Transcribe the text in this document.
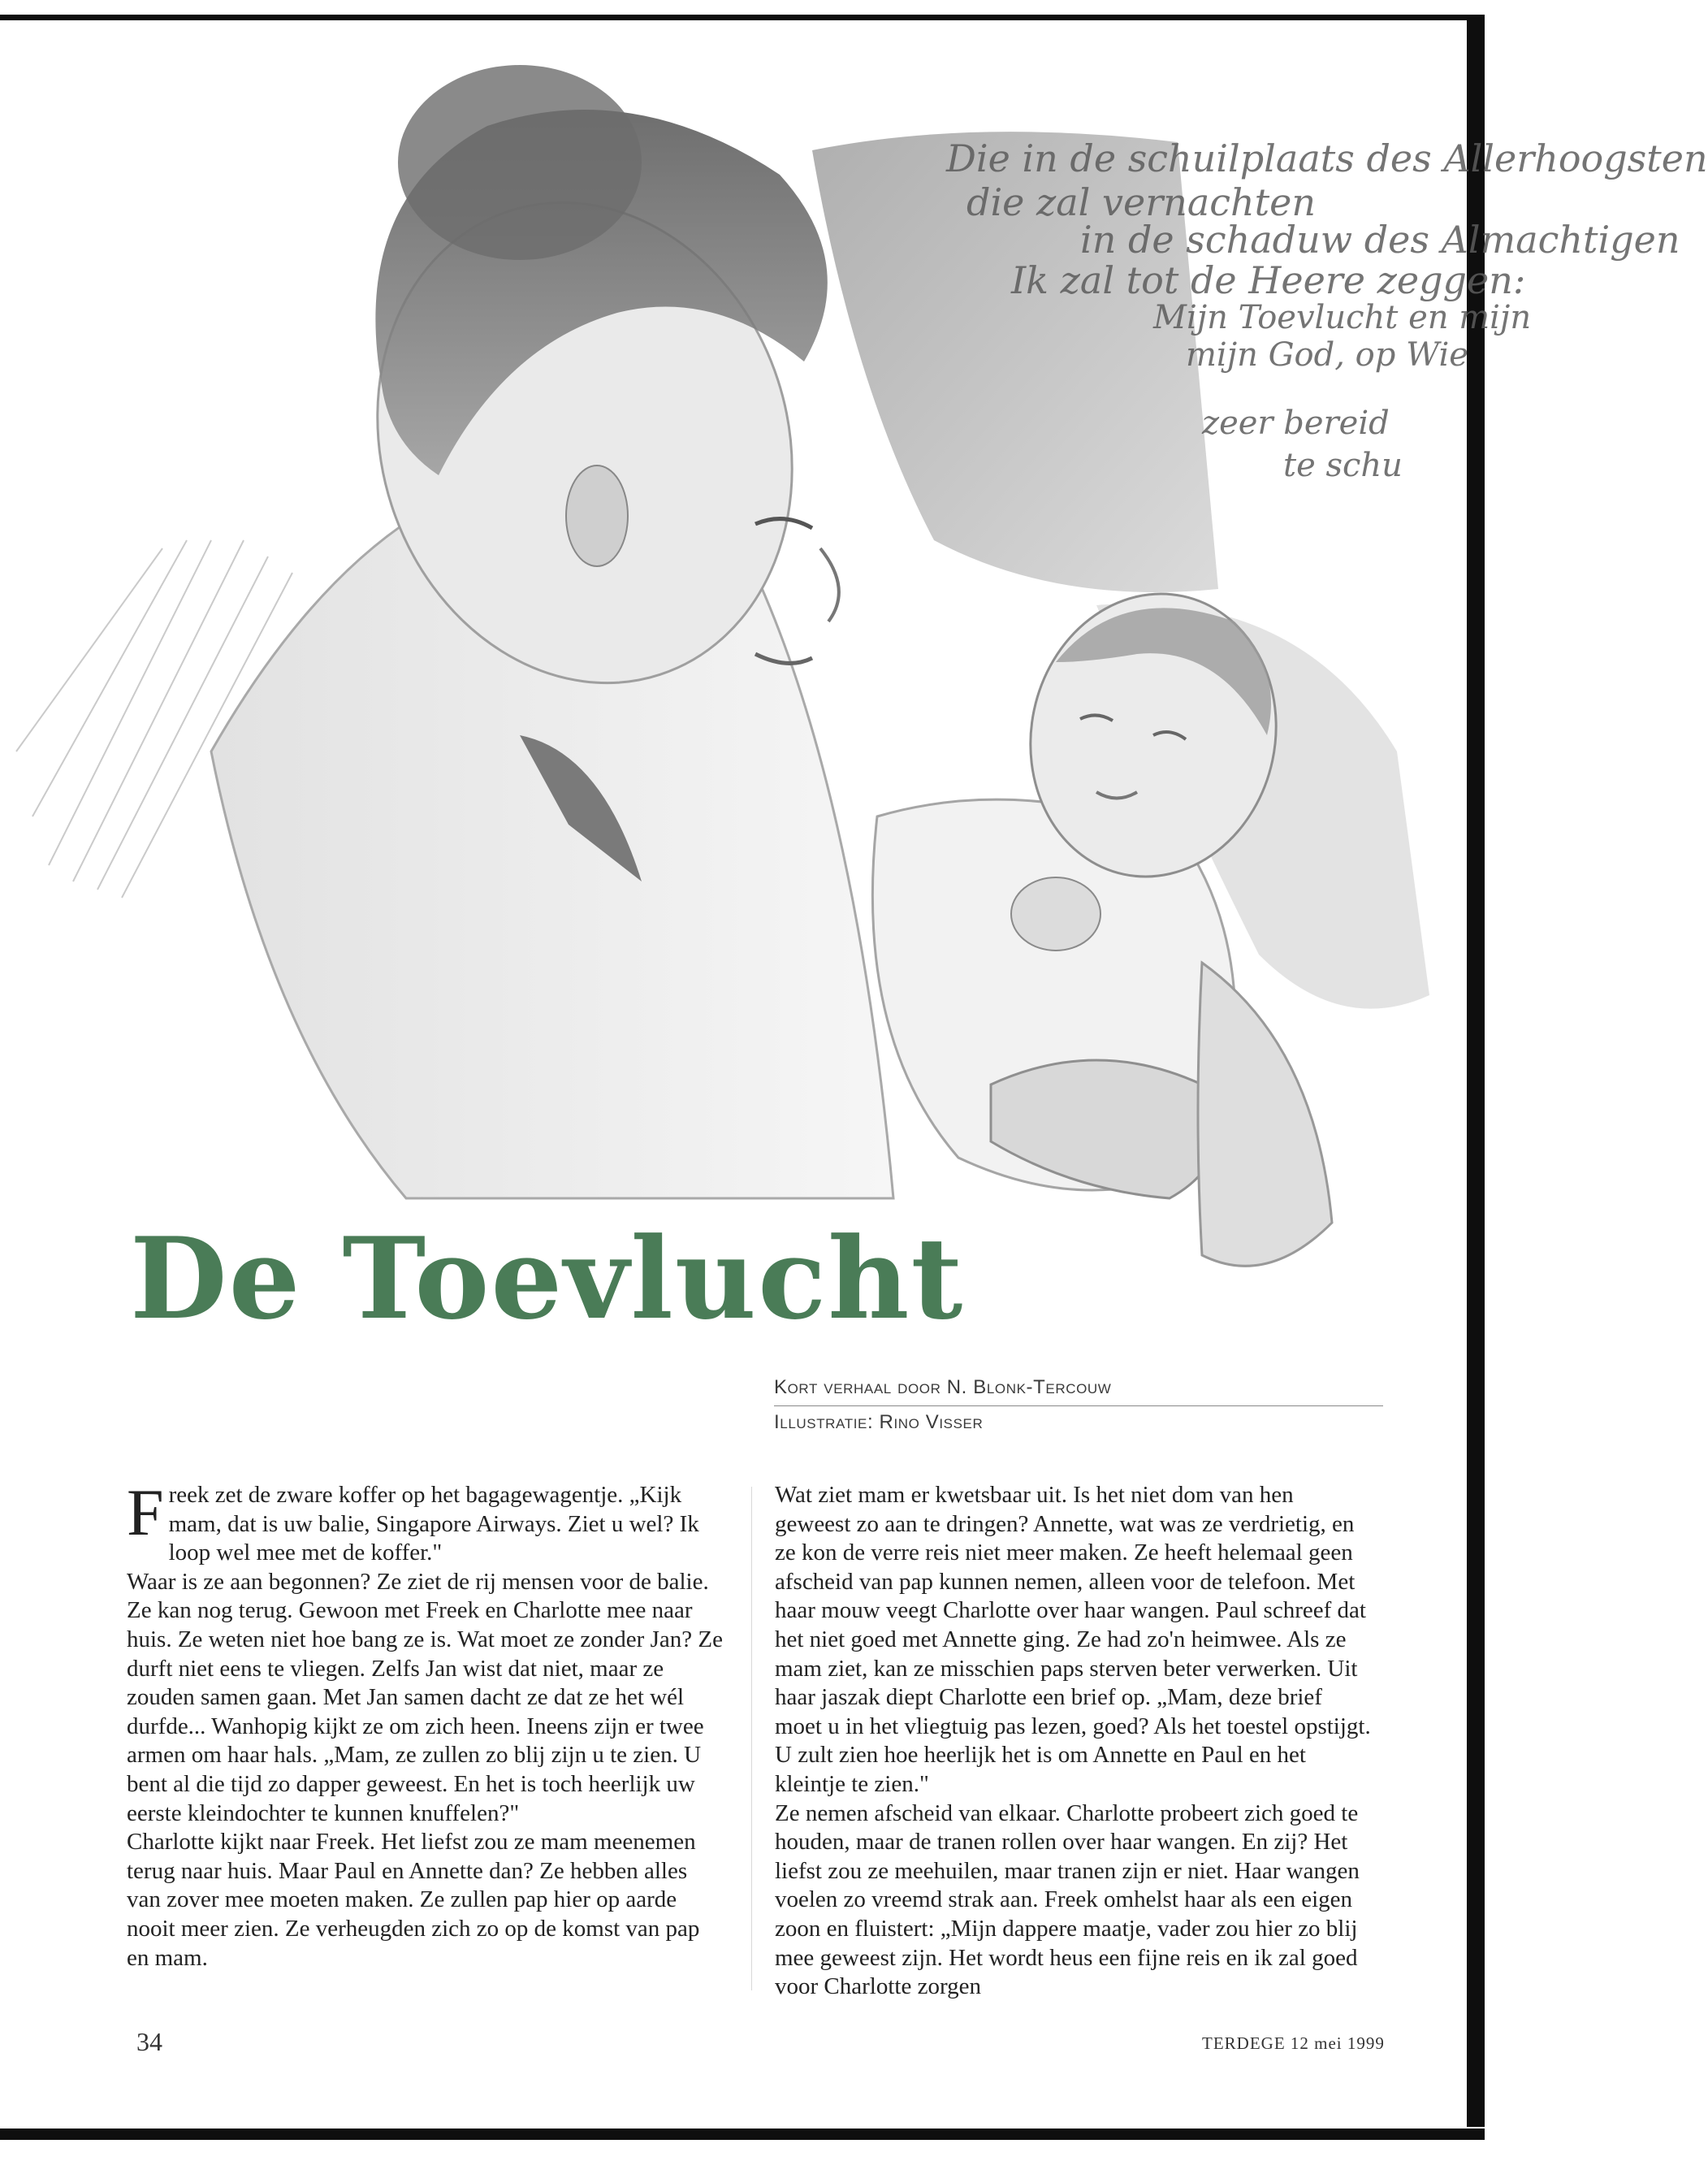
Die in de schuilplaats des Allerhoogsten
die zal vernachten
in de schaduw des Almachtigen
Ik zal tot de Heere zeggen:
Mijn Toevlucht en mijn
mijn God, op Wie
zeer bereid
te schu
De Toevlucht
Kort verhaal door N. Blonk-Tercouw
Illustratie: Rino Visser

Freek zet de zware koffer op het bagagewagentje. „Kijk mam, dat is uw balie, Singapore Airways. Ziet u wel? Ik loop wel mee met de koffer."

Waar is ze aan begonnen? Ze ziet de rij mensen voor de balie. Ze kan nog terug. Gewoon met Freek en Charlotte mee naar huis. Ze weten niet hoe bang ze is. Wat moet ze zonder Jan? Ze durft niet eens te vliegen. Zelfs Jan wist dat niet, maar ze zouden samen gaan. Met Jan samen dacht ze dat ze het wél durfde... Wanhopig kijkt ze om zich heen. Ineens zijn er twee armen om haar hals. „Mam, ze zullen zo blij zijn u te zien. U bent al die tijd zo dapper geweest. En het is toch heerlijk uw eerste kleindochter te kunnen knuffelen?"

Charlotte kijkt naar Freek. Het liefst zou ze mam meenemen terug naar huis. Maar Paul en Annette dan? Ze hebben alles van zover mee moeten maken. Ze zullen pap hier op aarde nooit meer zien. Ze verheugden zich zo op de komst van pap en mam.

Wat ziet mam er kwetsbaar uit. Is het niet dom van hen geweest zo aan te dringen? Annette, wat was ze verdrietig, en ze kon de verre reis niet meer maken. Ze heeft helemaal geen afscheid van pap kunnen nemen, alleen voor de telefoon. Met haar mouw veegt Charlotte over haar wangen. Paul schreef dat het niet goed met Annette ging. Ze had zo'n heimwee. Als ze mam ziet, kan ze misschien paps sterven beter verwerken. Uit haar jaszak diept Charlotte een brief op. „Mam, deze brief moet u in het vliegtuig pas lezen, goed? Als het toestel opstijgt. U zult zien hoe heerlijk het is om Annette en Paul en het kleintje te zien."

Ze nemen afscheid van elkaar. Charlotte probeert zich goed te houden, maar de tranen rollen over haar wangen. En zij? Het liefst zou ze meehuilen, maar tranen zijn er niet. Haar wangen voelen zo vreemd strak aan. Freek omhelst haar als een eigen zoon en fluistert: „Mijn dappere maatje, vader zou hier zo blij mee geweest zijn. Het wordt heus een fijne reis en ik zal goed voor Charlotte zorgen

34	TERDEGE 12 mei 1999
